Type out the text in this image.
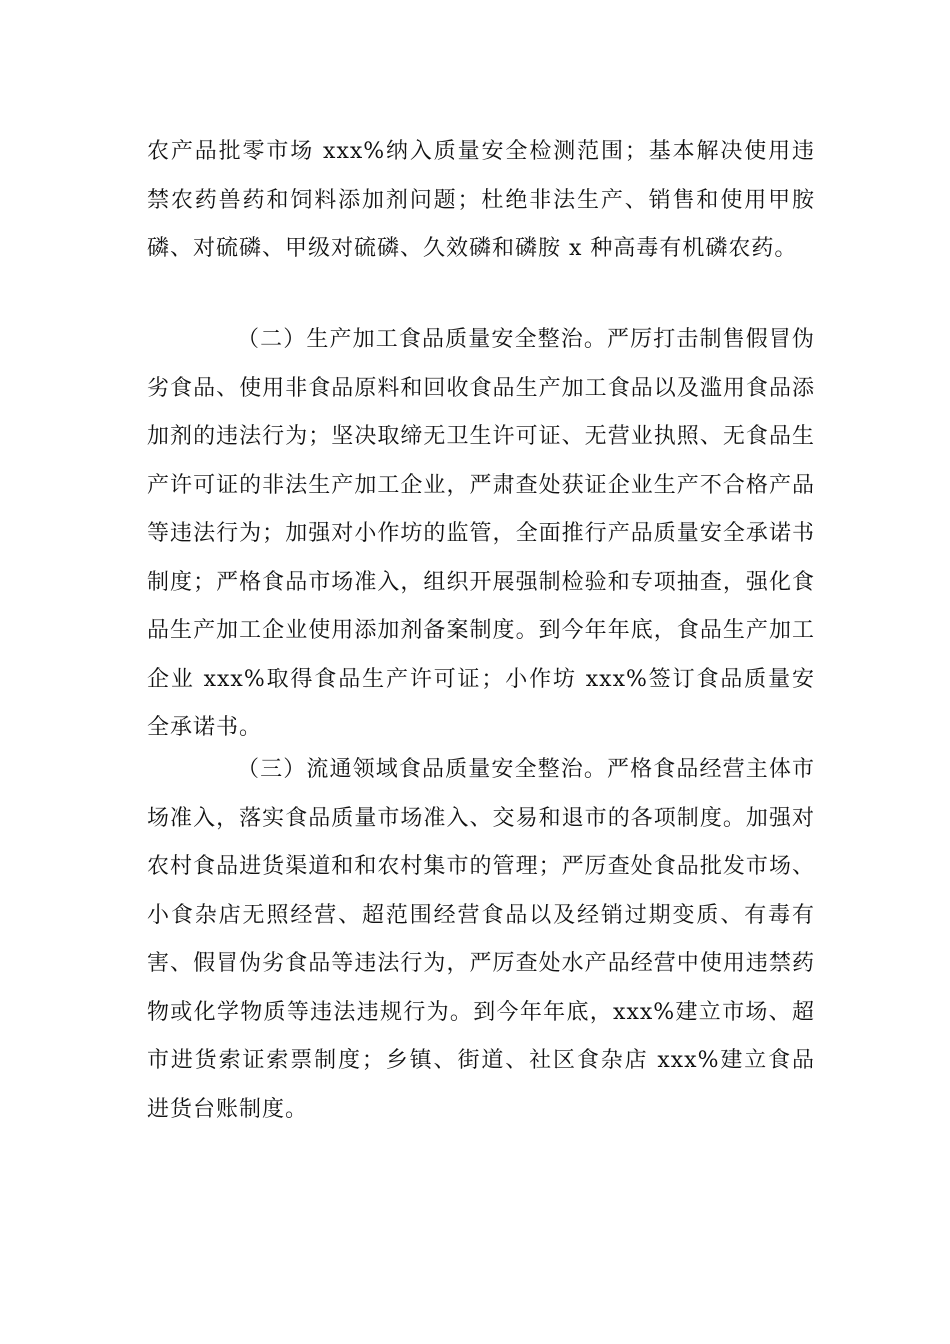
农产品批零市场 xxx%纳入质量安全检测范围；基本解决使用违禁农药兽药和饲料添加剂问题；杜绝非法生产、销售和使用甲胺磷、对硫磷、甲级对硫磷、久效磷和磷胺 x 种高毒有机磷农药。

（二）生产加工食品质量安全整治。严厉打击制售假冒伪劣食品、使用非食品原料和回收食品生产加工食品以及滥用食品添加剂的违法行为；坚决取缔无卫生许可证、无营业执照、无食品生产许可证的非法生产加工企业，严肃查处获证企业生产不合格产品等违法行为；加强对小作坊的监管，全面推行产品质量安全承诺书制度；严格食品市场准入，组织开展强制检验和专项抽查，强化食品生产加工企业使用添加剂备案制度。到今年年底，食品生产加工企业 xxx%取得食品生产许可证；小作坊 xxx%签订食品质量安全承诺书。

（三）流通领域食品质量安全整治。严格食品经营主体市场准入，落实食品质量市场准入、交易和退市的各项制度。加强对农村食品进货渠道和和农村集市的管理；严厉查处食品批发市场、小食杂店无照经营、超范围经营食品以及经销过期变质、有毒有害、假冒伪劣食品等违法行为，严厉查处水产品经营中使用违禁药物或化学物质等违法违规行为。到今年年底，xxx%建立市场、超市进货索证索票制度；乡镇、街道、社区食杂店 xxx%建立食品进货台账制度。
